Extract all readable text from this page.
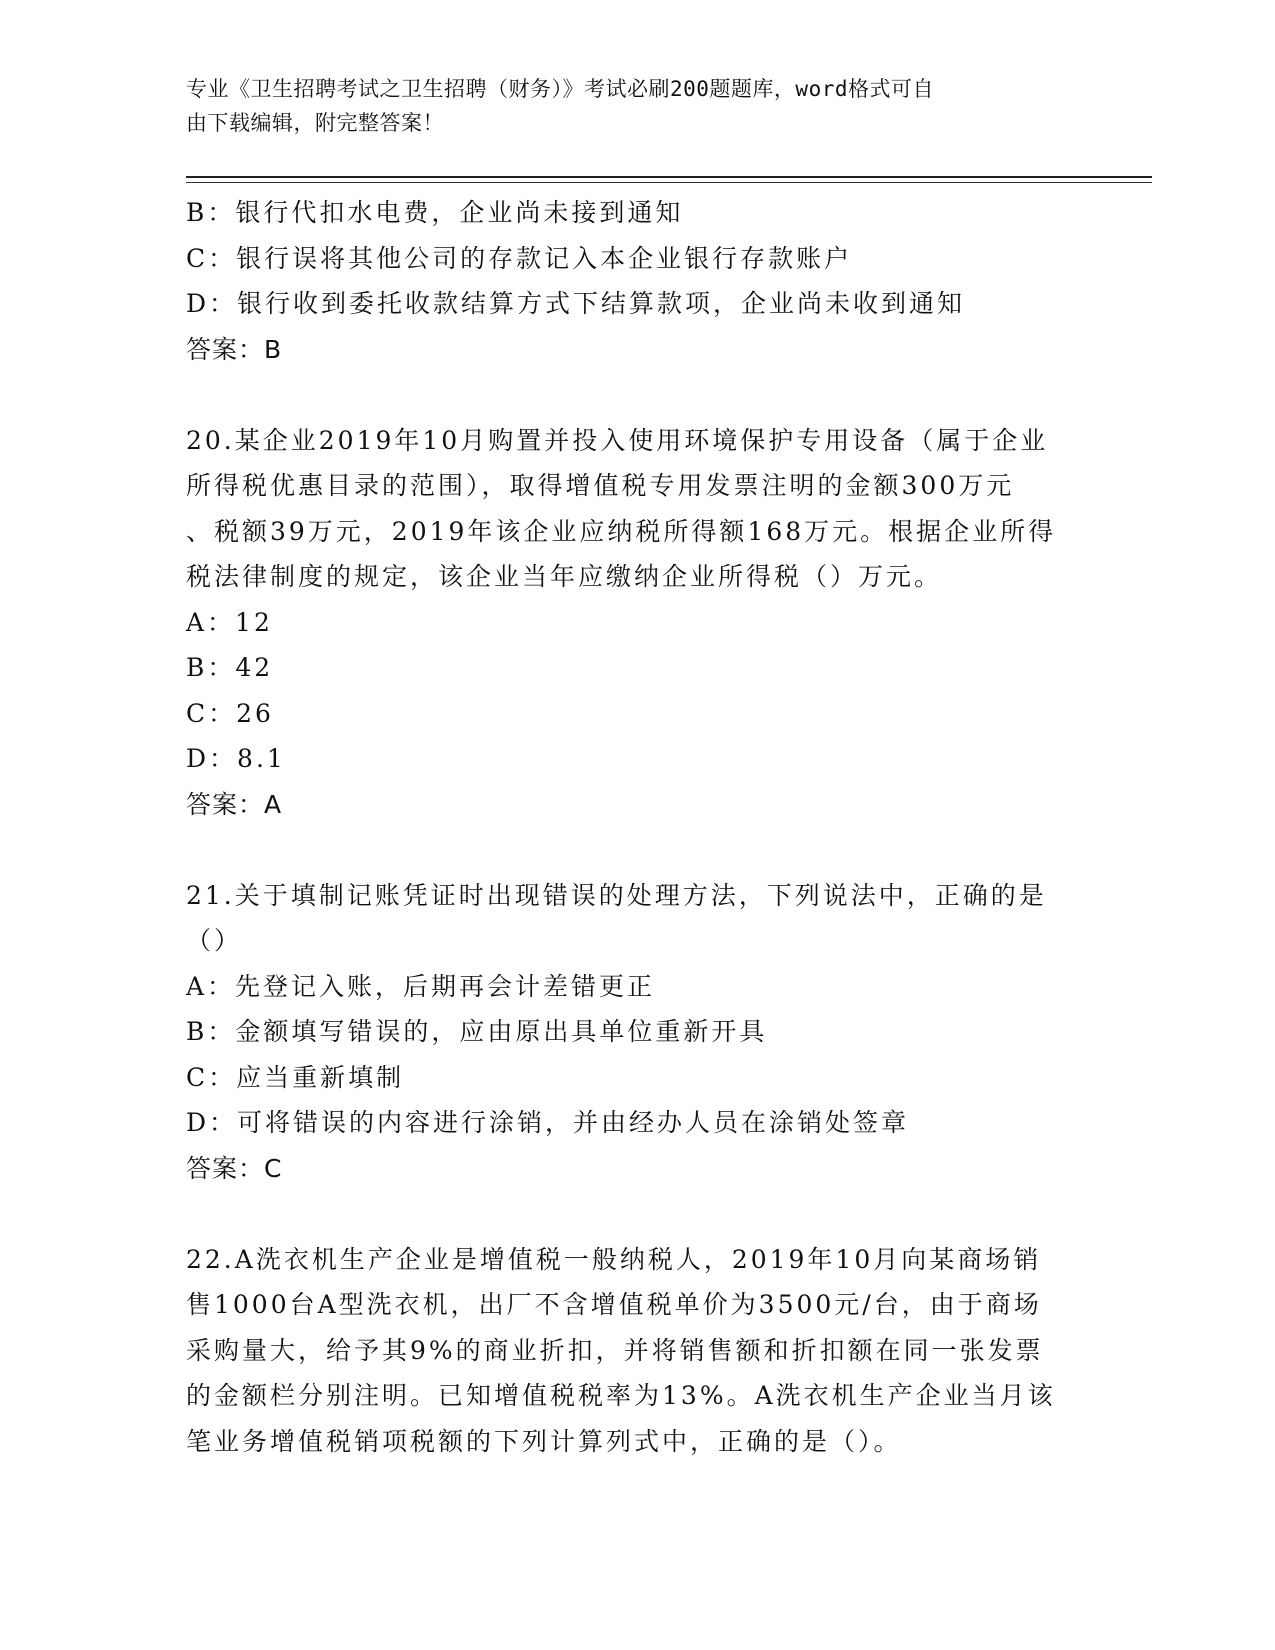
专业《卫生招聘考试之卫生招聘（财务）》考试必刷200题题库，word格式可自
由下载编辑，附完整答案！
B：银行代扣水电费，企业尚未接到通知
C：银行误将其他公司的存款记入本企业银行存款账户
D：银行收到委托收款结算方式下结算款项，企业尚未收到通知
答案：B
20.某企业2019年10月购置并投入使用环境保护专用设备（属于企业
所得税优惠目录的范围），取得增值税专用发票注明的金额300万元
、税额39万元，2019年该企业应纳税所得额168万元。根据企业所得
税法律制度的规定，该企业当年应缴纳企业所得税（）万元。
A：12
B：42
C：26
D：8.1
答案：A
21.关于填制记账凭证时出现错误的处理方法，下列说法中，正确的是
（）
A：先登记入账，后期再会计差错更正
B：金额填写错误的，应由原出具单位重新开具
C：应当重新填制
D：可将错误的内容进行涂销，并由经办人员在涂销处签章
答案：C
22.A洗衣机生产企业是增值税一般纳税人，2019年10月向某商场销
售1000台A型洗衣机，出厂不含增值税单价为3500元/台，由于商场
采购量大，给予其9%的商业折扣，并将销售额和折扣额在同一张发票
的金额栏分别注明。已知增值税税率为13%。A洗衣机生产企业当月该
笔业务增值税销项税额的下列计算列式中，正确的是（）。
